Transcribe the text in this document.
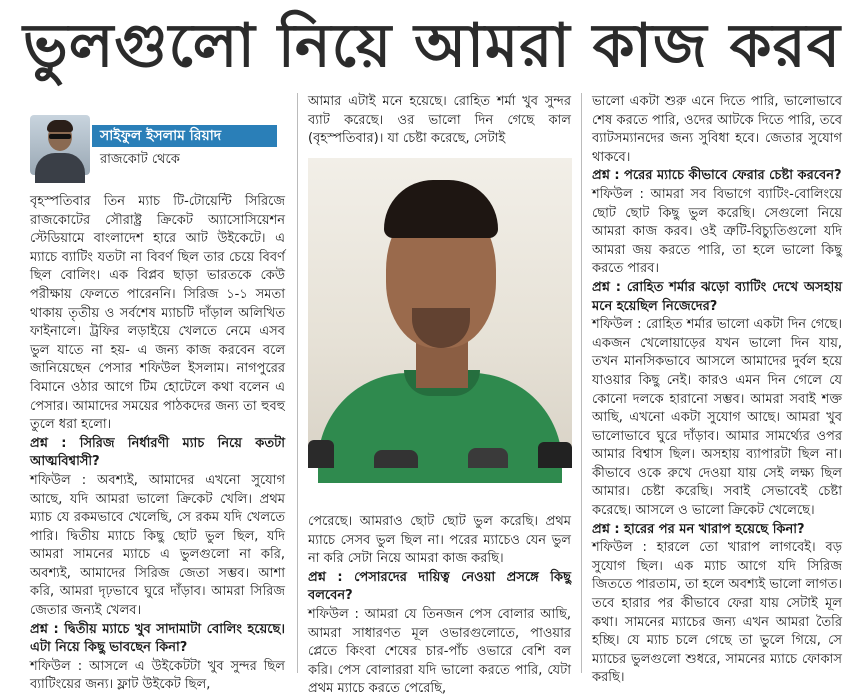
ভুলগুলো নিয়ে আমরা কাজ করব
সাইফুল ইসলাম রিয়াদ
রাজকোট থেকে

বৃহস্পতিবার তিন ম্যাচ টি-টোয়েন্টি সিরিজে রাজকোটের সৌরাষ্ট্র ক্রিকেট অ্যাসোসিয়েশন স্টেডিয়ামে বাংলাদেশ হারে আট উইকেটে। এ ম্যাচে ব্যাটিং যতটা না বিবর্ণ ছিল তার চেয়ে বিবর্ণ ছিল বোলিং। এক বিপ্লব ছাড়া ভারতকে কেউ পরীক্ষায় ফেলতে পারেননি। সিরিজ ১-১ সমতা থাকায় তৃতীয় ও সর্বশেষ ম্যাচটি দাঁড়াল অলিখিত ফাইনালে। ট্রফির লড়াইয়ে খেলতে নেমে এসব ভুল যাতে না হয়- এ জন্য কাজ করবেন বলে জানিয়েছেন পেসার শফিউল ইসলাম। নাগপুরের বিমানে ওঠার আগে টিম হোটেলে কথা বলেন এ পেসার। আমাদের সময়ের পাঠকদের জন্য তা হুবহু তুলে ধরা হলো।

প্রশ্ন : সিরিজ নির্ধারণী ম্যাচ নিয়ে কতটা আত্মবিশ্বাসী?

শফিউল : অবশ্যই, আমাদের এখনো সুযোগ আছে, যদি আমরা ভালো ক্রিকেট খেলি। প্রথম ম্যাচ যে রকমভাবে খেলেছি, সে রকম যদি খেলতে পারি। দ্বিতীয় ম্যাচে কিছু ছোট ভুল ছিল, যদি আমরা সামনের ম্যাচে এ ভুলগুলো না করি, অবশ্যই, আমাদের সিরিজ জেতা সম্ভব। আশা করি, আমরা দৃঢ়ভাবে ঘুরে দাঁড়াব। আমরা সিরিজ জেতার জন্যই খেলব।

প্রশ্ন : দ্বিতীয় ম্যাচে খুব সাদামাটা বোলিং হয়েছে। এটা নিয়ে কিছু ভাবছেন কিনা?

শফিউল : আসলে এ উইকেটটা খুব সুন্দর ছিল ব্যাটিংয়ের জন্য। ফ্লাট উইকেট ছিল,

আমার এটাই মনে হয়েছে। রোহিত শর্মা খুব সুন্দর ব্যাট করেছে। ওর ভালো দিন গেছে কাল (বৃহস্পতিবার)। যা চেষ্টা করেছে, সেটাই

পেরেছে। আমরাও ছোট ছোট ভুল করেছি। প্রথম ম্যাচে সেসব ভুল ছিল না। পরের ম্যাচেও যেন ভুল না করি সেটা নিয়ে আমরা কাজ করছি।

প্রশ্ন : পেসারদের দায়িত্ব নেওয়া প্রসঙ্গে কিছু বলবেন?

শফিউল : আমরা যে তিনজন পেস বোলার আছি, আমরা সাধারণত মূল ওভারগুলোতে, পাওয়ার প্লেতে কিংবা শেষের চার-পাঁচ ওভারে বেশি বল করি। পেস বোলাররা যদি ভালো করতে পারি, যেটা প্রথম ম্যাচে করতে পেরেছি,

ভালো একটা শুরু এনে দিতে পারি, ভালোভাবে শেষ করতে পারি, ওদের আটকে দিতে পারি, তবে ব্যাটসম্যানদের জন্য সুবিধা হবে। জেতার সুযোগ থাকবে।

প্রশ্ন : পরের ম্যাচে কীভাবে ফেরার চেষ্টা করবেন?

শফিউল : আমরা সব বিভাগে ব্যাটিং-বোলিংয়ে ছোট ছোট কিছু ভুল করেছি। সেগুলো নিয়ে আমরা কাজ করব। ওই ত্রুটি-বিচ্যুতিগুলো যদি আমরা জয় করতে পারি, তা হলে ভালো কিছু করতে পারব।

প্রশ্ন : রোহিত শর্মার ঝড়ো ব্যাটিং দেখে অসহায় মনে হয়েছিল নিজেদের?

শফিউল : রোহিত শর্মার ভালো একটা দিন গেছে। একজন খেলোয়াড়ের যখন ভালো দিন যায়, তখন মানসিকভাবে আসলে আমাদের দুর্বল হয়ে যাওয়ার কিছু নেই। কারও এমন দিন গেলে যে কোনো দলকে হারানো সম্ভব। আমরা সবাই শক্ত আছি, এখনো একটা সুযোগ আছে। আমরা খুব ভালোভাবে ঘুরে দাঁড়াব। আমার সামর্থ্যের ওপর আমার বিশ্বাস ছিল। অসহায় ব্যাপারটা ছিল না। কীভাবে ওকে রুখে দেওয়া যায় সেই লক্ষ্য ছিল আমার। চেষ্টা করেছি। সবাই সেভাবেই চেষ্টা করেছে। আসলে ও ভালো ক্রিকেট খেলেছে।

প্রশ্ন : হারের পর মন খারাপ হয়েছে কিনা?

শফিউল : হারলে তো খারাপ লাগবেই। বড় সুযোগ ছিল। এক ম্যাচ আগে যদি সিরিজ জিততে পারতাম, তা হলে অবশ্যই ভালো লাগত। তবে হারার পর কীভাবে ফেরা যায় সেটাই মূল কথা। সামনের ম্যাচের জন্য এখন আমরা তৈরি হচ্ছি। যে ম্যাচ চলে গেছে তা ভুলে গিয়ে, সে ম্যাচের ভুলগুলো শুধরে, সামনের ম্যাচে ফোকাস করছি।
